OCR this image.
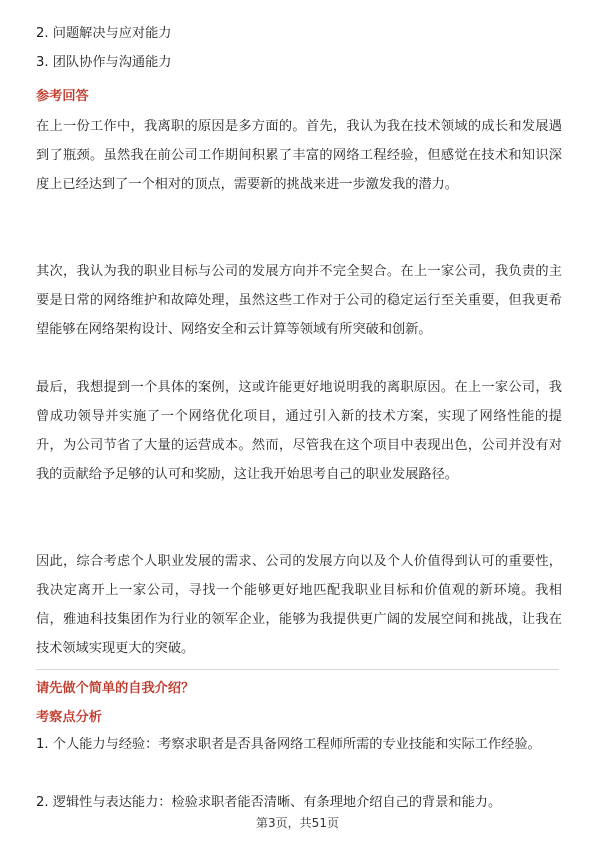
2. 问题解决与应对能力
3. 团队协作与沟通能力
参考回答
在上一份工作中，我离职的原因是多方面的。首先，我认为我在技术领域的成长和发展遇到了瓶颈。虽然我在前公司工作期间积累了丰富的网络工程经验，但感觉在技术和知识深度上已经达到了一个相对的顶点，需要新的挑战来进一步激发我的潜力。
其次，我认为我的职业目标与公司的发展方向并不完全契合。在上一家公司，我负责的主要是日常的网络维护和故障处理，虽然这些工作对于公司的稳定运行至关重要，但我更希望能够在网络架构设计、网络安全和云计算等领域有所突破和创新。
最后，我想提到一个具体的案例，这或许能更好地说明我的离职原因。在上一家公司，我曾成功领导并实施了一个网络优化项目，通过引入新的技术方案，实现了网络性能的提升，为公司节省了大量的运营成本。然而，尽管我在这个项目中表现出色，公司并没有对我的贡献给予足够的认可和奖励，这让我开始思考自己的职业发展路径。
因此，综合考虑个人职业发展的需求、公司的发展方向以及个人价值得到认可的重要性，我决定离开上一家公司，寻找一个能够更好地匹配我职业目标和价值观的新环境。我相信，雅迪科技集团作为行业的领军企业，能够为我提供更广阔的发展空间和挑战，让我在技术领域实现更大的突破。
请先做个简单的自我介绍？
考察点分析
1. 个人能力与经验：考察求职者是否具备网络工程师所需的专业技能和实际工作经验。
2. 逻辑性与表达能力：检验求职者能否清晰、有条理地介绍自己的背景和能力。
第3页，共51页
